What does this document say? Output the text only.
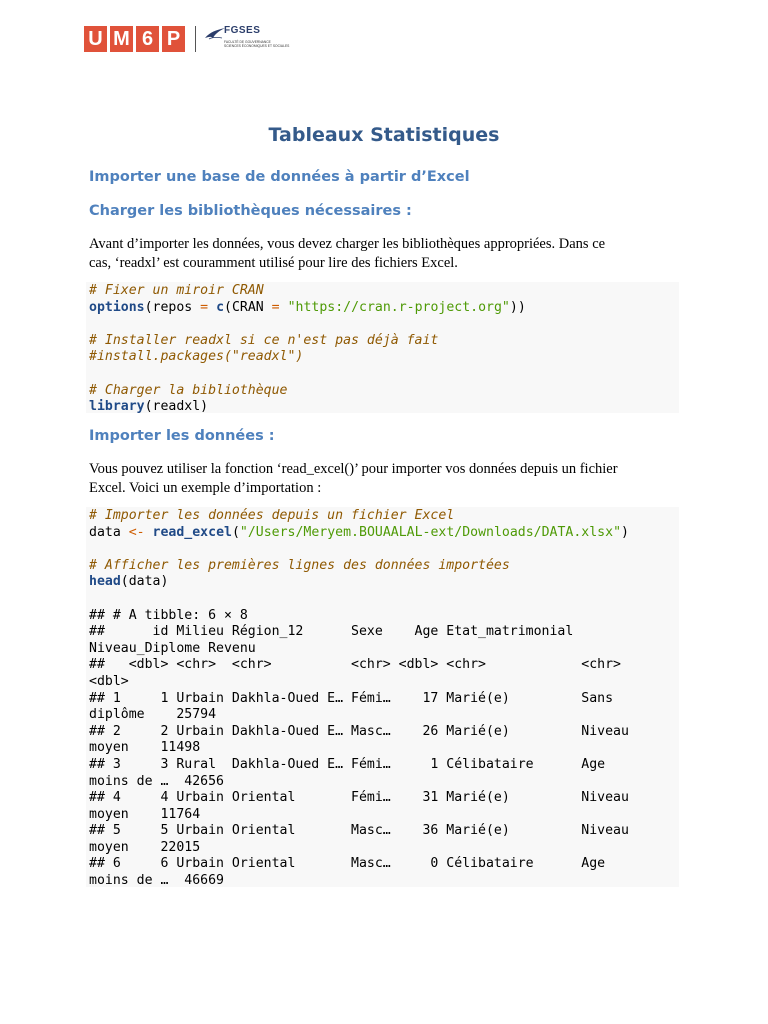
U M 6 P	FGSES
FACULTÉ DE GOUVERNANCE
SCIENCES ÉCONOMIQUES ET SOCIALES
Tableaux Statistiques
Importer une base de données à partir d’Excel
Charger les bibliothèques nécessaires :
Avant d’importer les données, vous devez charger les bibliothèques appropriées. Dans ce
cas, ‘readxl’ est couramment utilisé pour lire des fichiers Excel.
# Fixer un miroir CRAN
options(repos = c(CRAN = "https://cran.r-project.org"))
# Installer readxl si ce n'est pas déjà fait
#install.packages("readxl")
# Charger la bibliothèque
library(readxl)
Importer les données :
Vous pouvez utiliser la fonction ‘read_excel()’ pour importer vos données depuis un fichier
Excel. Voici un exemple d’importation :
# Importer les données depuis un fichier Excel
data <- read_excel("/Users/Meryem.BOUAALAL-ext/Downloads/DATA.xlsx")
# Afficher les premières lignes des données importées
head(data)
## # A tibble: 6 × 8
##      id Milieu Région_12      Sexe    Age Etat_matrimonial
Niveau_Diplome Revenu
##   <dbl> <chr>  <chr>          <chr> <dbl> <chr>            <chr>
<dbl>
## 1     1 Urbain Dakhla-Oued E… Fémi…    17 Marié(e)         Sans
diplôme    25794
## 2     2 Urbain Dakhla-Oued E… Masc…    26 Marié(e)         Niveau
moyen    11498
## 3     3 Rural  Dakhla-Oued E… Fémi…     1 Célibataire      Age
moins de …  42656
## 4     4 Urbain Oriental       Fémi…    31 Marié(e)         Niveau
moyen    11764
## 5     5 Urbain Oriental       Masc…    36 Marié(e)         Niveau
moyen    22015
## 6     6 Urbain Oriental       Masc…     0 Célibataire      Age
moins de …  46669
